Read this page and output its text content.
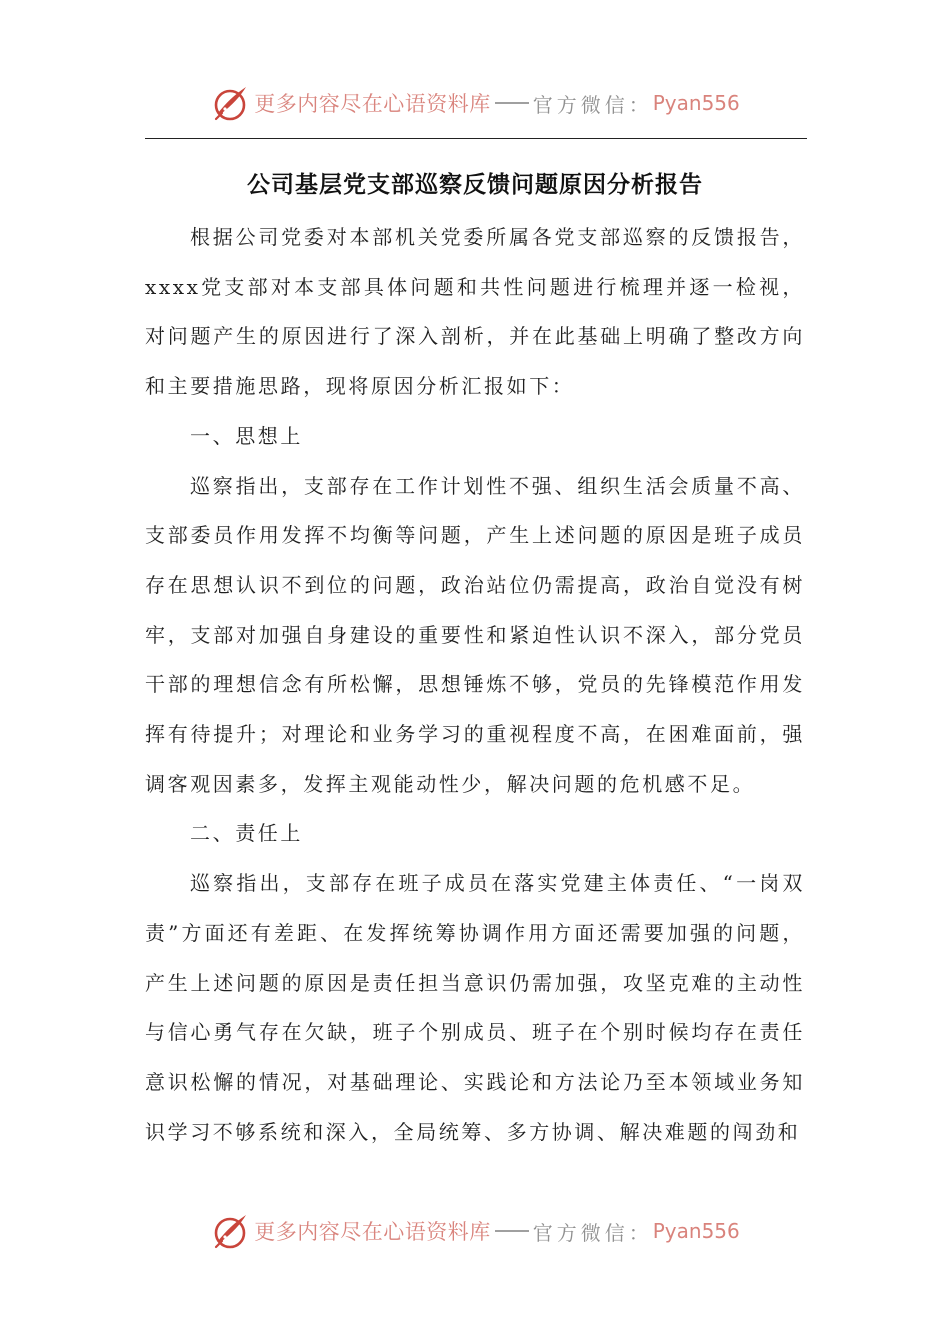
更多内容尽在心语资料库 官方微信： Pyan556
公司基层党支部巡察反馈问题原因分析报告

根据公司党委对本部机关党委所属各党支部巡察的反馈报告，xxxx党支部对本支部具体问题和共性问题进行梳理并逐一检视，对问题产生的原因进行了深入剖析，并在此基础上明确了整改方向和主要措施思路，现将原因分析汇报如下：

一、思想上

巡察指出，支部存在工作计划性不强、组织生活会质量不高、支部委员作用发挥不均衡等问题，产生上述问题的原因是班子成员存在思想认识不到位的问题，政治站位仍需提高，政治自觉没有树牢，支部对加强自身建设的重要性和紧迫性认识不深入，部分党员干部的理想信念有所松懈，思想锤炼不够，党员的先锋模范作用发挥有待提升；对理论和业务学习的重视程度不高，在困难面前，强调客观因素多，发挥主观能动性少，解决问题的危机感不足。

二、责任上

巡察指出，支部存在班子成员在落实党建主体责任、“一岗双责”方面还有差距、在发挥统筹协调作用方面还需要加强的问题，产生上述问题的原因是责任担当意识仍需加强，攻坚克难的主动性与信心勇气存在欠缺，班子个别成员、班子在个别时候均存在责任意识松懈的情况，对基础理论、实践论和方法论乃至本领域业务知识学习不够系统和深入，全局统筹、多方协调、解决难题的闯劲和

更多内容尽在心语资料库 官方微信： Pyan556
